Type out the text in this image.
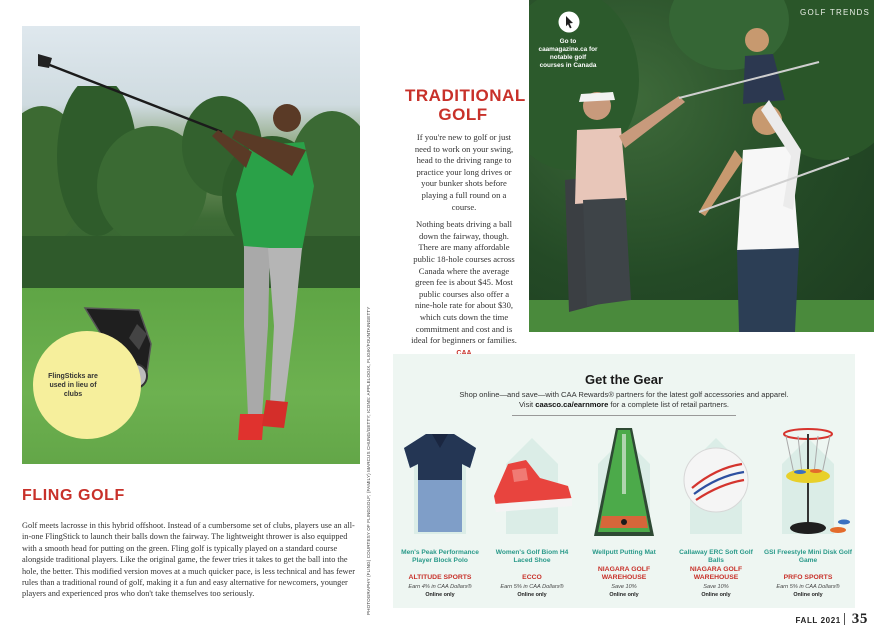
FlingSticks are used in lieu of clubs	PHOTOGRAPHY (FLING) COURTESY OF FLINGGOLF; (FAMILY) MARCUS CHUNG/GETTY; ICONS: APPLELOGIX, FLIGIK/FOUNTAINGETTY
TRADITIONAL GOLF

If you're new to golf or just need to work on your swing, head to the driving range to practice your long drives or your bunker shots before playing a full round on a course.

Nothing beats driving a ball down the fairway, though. There are many affordable public 18-hole courses across Canada where the average green fee is about $45. Most public courses also offer a nine-hole rate for about $30, which cuts down the time commitment and cost and is ideal for beginners or families.

GOLF TRENDS
Go to caamagazine.ca for notable golf courses in Canada
Get the Gear
Shop online—and save—with CAA Rewards® partners for the latest golf accessories and apparel.
Visit caasco.ca/earnmore for a complete list of retail partners.
Men's Peak Performance Player Block Polo
ALTITUDE SPORTS
Earn 4% in CAA Dollars®
Online only
Women's Golf Biom H4 Laced Shoe
ECCO
Earn 5% in CAA Dollars®
Online only
Wellputt Putting Mat
NIAGARA GOLF WAREHOUSE
Save 10%
Online only
Callaway ERC Soft Golf Balls
NIAGARA GOLF WAREHOUSE
Save 10%
Online only
GSI Freestyle Mini Disk Golf Game
PRFO SPORTS
Earn 5% in CAA Dollars®
Online only
FLING GOLF
Golf meets lacrosse in this hybrid offshoot. Instead of a cumbersome set of clubs, players use an all-in-one FlingStick to launch their balls down the fairway. The lightweight thrower is also equipped with a smooth head for putting on the green. Fling golf is typically played on a standard course alongside traditional players. Like the original game, the fewer tries it takes to get the ball into the hole, the better. This modified version moves at a much quicker pace, is less technical and has fewer rules than a traditional round of golf, making it a fun and easy alternative for newcomers, younger players and experienced pros who don't take themselves too seriously.
FALL 2021 35
